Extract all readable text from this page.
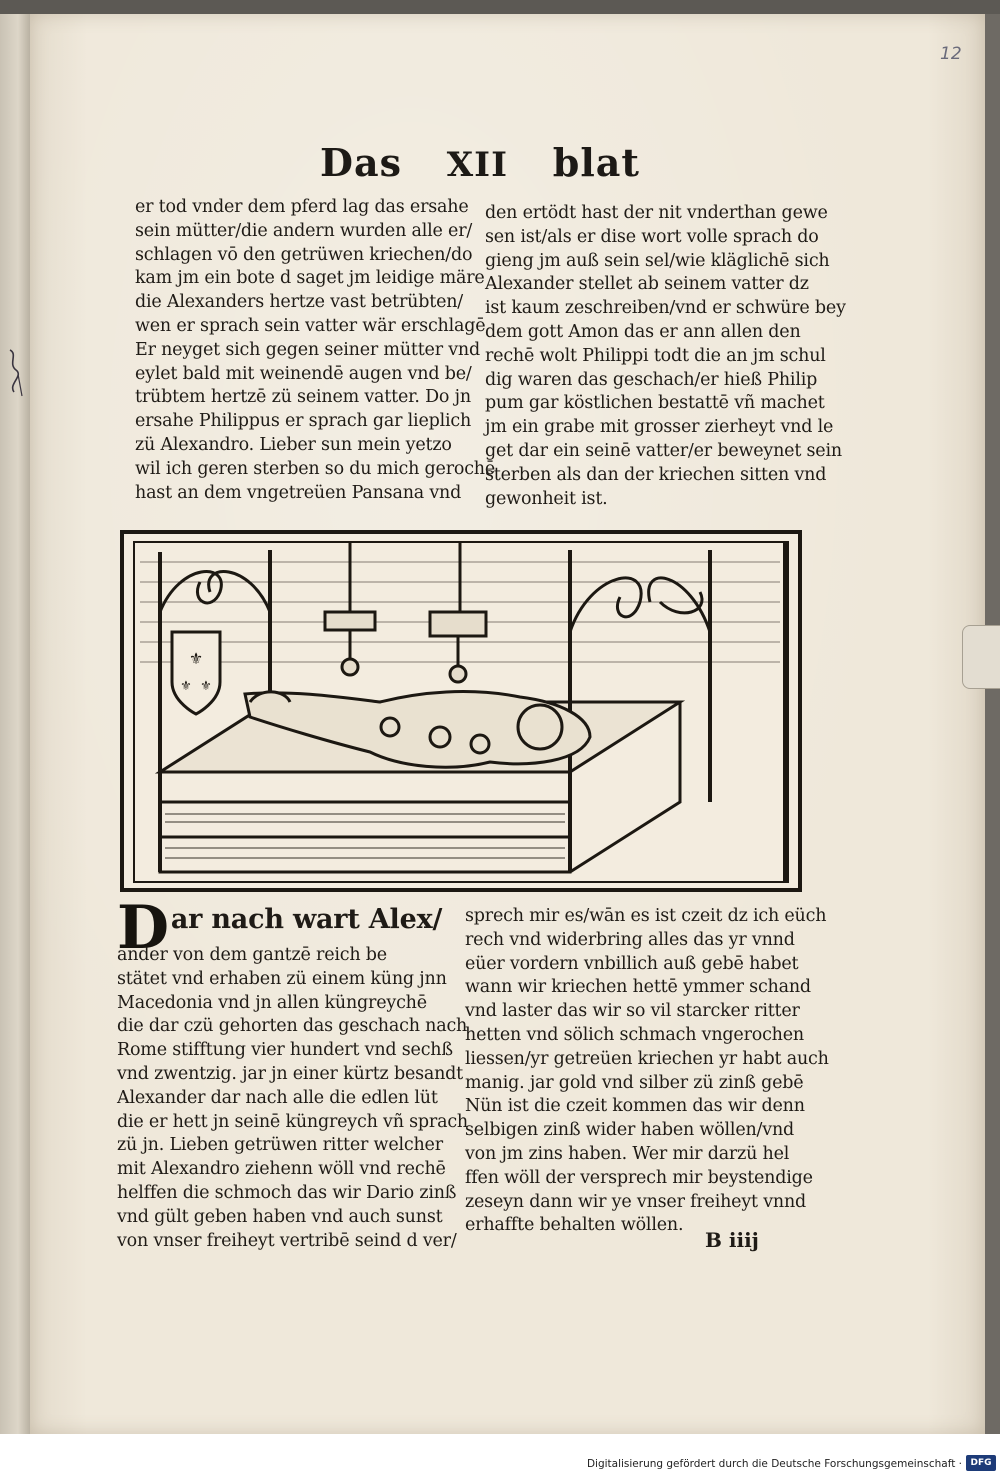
12
Das XII blat
er tod vnder dem pferd lag das ersahe
sein mütter/die andern wurden alle er/
schlagen vō den getrüwen kriechen/do
kam jm ein bote d saget jm leidige märe
die Alexanders hertze vast betrübten/
wen er sprach sein vatter wär erschlagē
Er neyget sich gegen seiner mütter vnd
eylet bald mit weinendē augen vnd be/
trübtem hertzē zü seinem vatter. Do jn
ersahe Philippus er sprach gar lieplich
zü Alexandro. Lieber sun mein yetzo
wil ich geren sterben so du mich gerochē
hast an dem vngetreüen Pansana vnd
den ertödt hast der nit vnderthan gewe
sen ist/als er dise wort volle sprach do
gieng jm auß sein sel/wie kläglichē sich
Alexander stellet ab seinem vatter dz
ist kaum zeschreiben/vnd er schwüre bey
dem gott Amon das er ann allen den
rechē wolt Philippi todt die an jm schul
dig waren das geschach/er hieß Philip
pum gar köstlichen bestattē vñ machet
jm ein grabe mit grosser zierheyt vnd le
get dar ein seinē vatter/er beweynet sein
sterben als dan der kriechen sitten vnd
gewonheit ist.
⚜
⚜ ⚜
Dar nach wart Alex/
ander von dem gantzē reich be
stätet vnd erhaben zü einem küng jnn
Macedonia vnd jn allen küngreychē
die dar czü gehorten das geschach nach
Rome stifftung vier hundert vnd sechß
vnd zwentzig. jar jn einer kürtz besandt
Alexander dar nach alle die edlen lüt
die er hett jn seinē küngreych vñ sprach
zü jn. Lieben getrüwen ritter welcher
mit Alexandro ziehenn wöll vnd rechē
helffen die schmoch das wir Dario zinß
vnd gült geben haben vnd auch sunst
von vnser freiheyt vertribē seind d ver/
sprech mir es/wān es ist czeit dz ich eüch
rech vnd widerbring alles das yr vnnd
eüer vordern vnbillich auß gebē habet
wann wir kriechen hettē ymmer schand
vnd laster das wir so vil starcker ritter
hetten vnd sölich schmach vngerochen
liessen/yr getreüen kriechen yr habt auch
manig. jar gold vnd silber zü zinß gebē
Nün ist die czeit kommen das wir denn
selbigen zinß wider haben wöllen/vnd
von jm zins haben. Wer mir darzü hel
ffen wöll der versprech mir beystendige
zeseyn dann wir ye vnser freiheyt vnnd
erhaffte behalten wöllen.
B iiij
Digitalisierung gefördert durch die Deutsche Forschungsgemeinschaft · DFG
